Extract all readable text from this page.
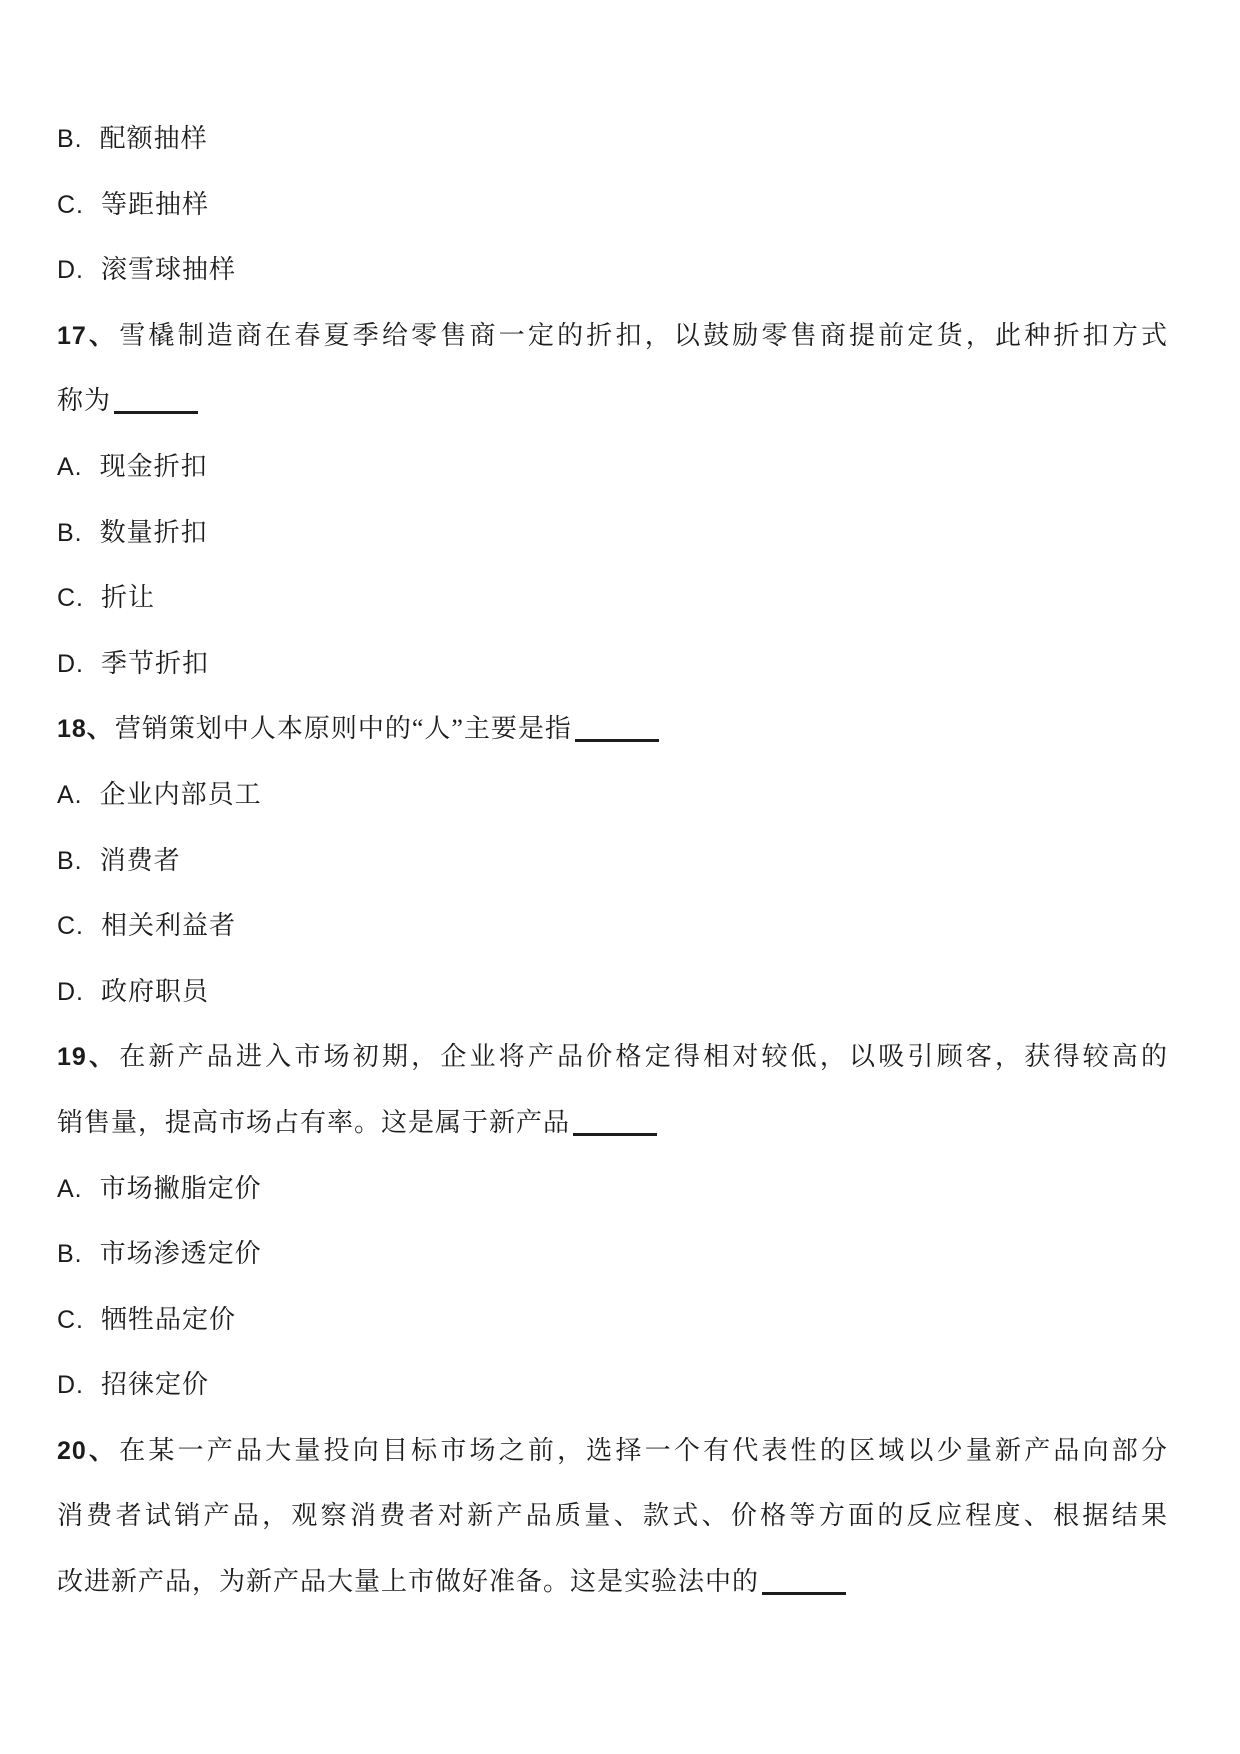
B. 配额抽样
C. 等距抽样
D. 滚雪球抽样
17、雪橇制造商在春夏季给零售商一定的折扣，以鼓励零售商提前定货，此种折扣方式
称为
A. 现金折扣
B. 数量折扣
C. 折让
D. 季节折扣
18、营销策划中人本原则中的“人”主要是指
A. 企业内部员工
B. 消费者
C. 相关利益者
D. 政府职员
19、在新产品进入市场初期，企业将产品价格定得相对较低，以吸引顾客，获得较高的
销售量，提高市场占有率。这是属于新产品
A. 市场撇脂定价
B. 市场渗透定价
C. 牺牲品定价
D. 招徕定价
20、在某一产品大量投向目标市场之前，选择一个有代表性的区域以少量新产品向部分
消费者试销产品，观察消费者对新产品质量、款式、价格等方面的反应程度、根据结果
改进新产品，为新产品大量上市做好准备。这是实验法中的
